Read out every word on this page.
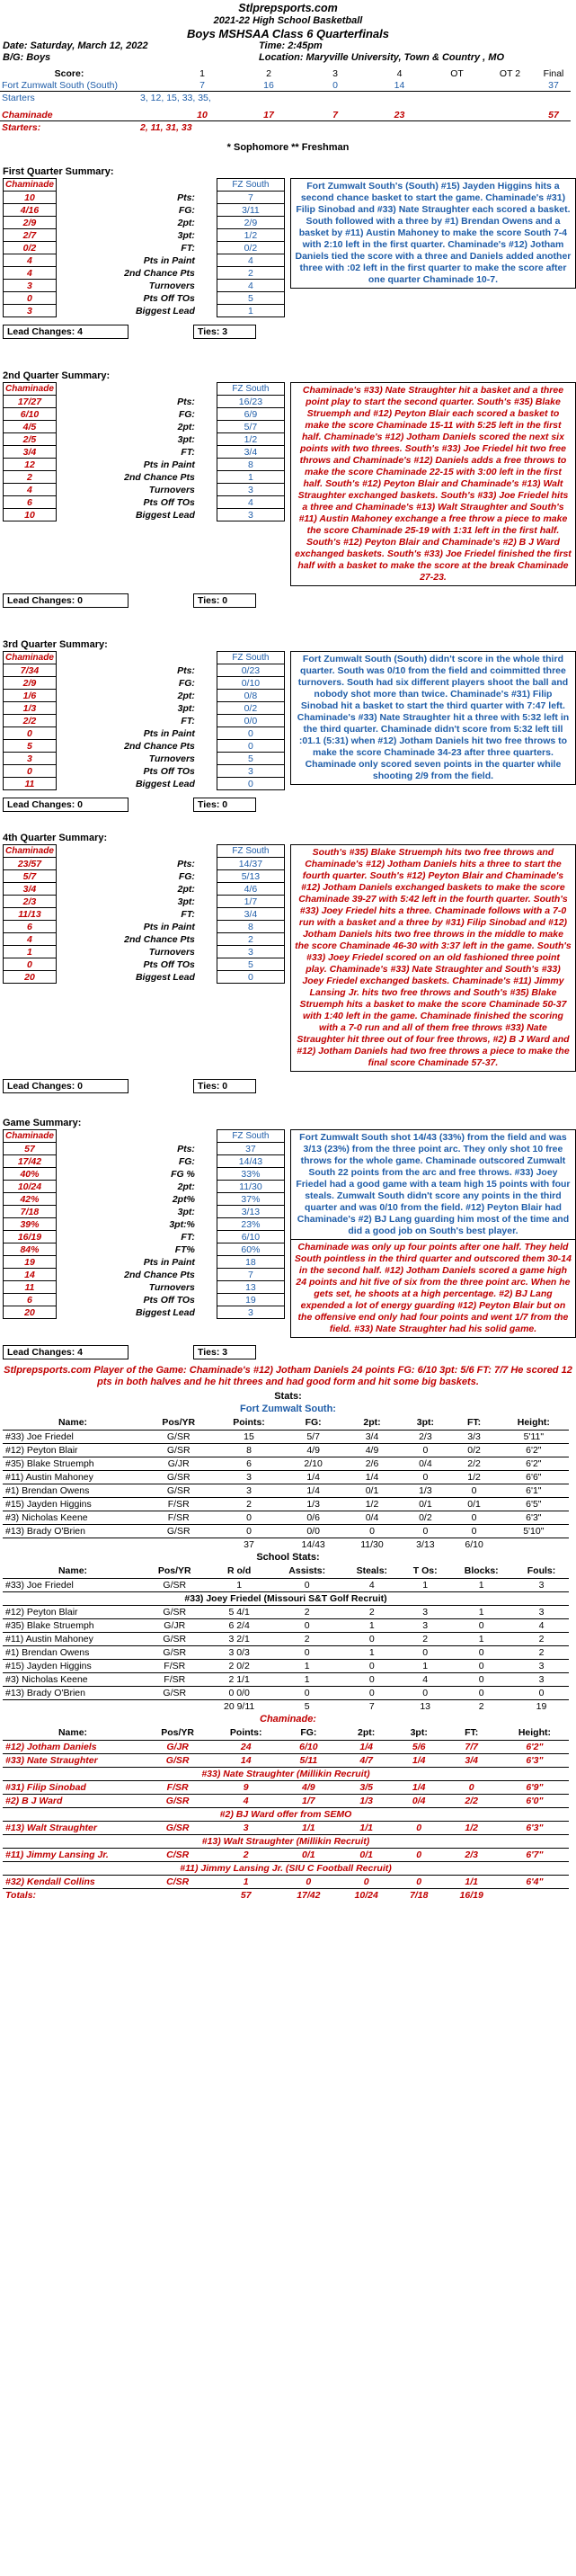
Stlprepsports.com
2021-22 High School Basketball
Boys MSHSAA Class 6 Quarterfinals
Date: Saturday, March 12, 2022	Time: 2:45pm
B/G: Boys	Location: Maryville University, Town & Country , MO
Score:		1	2	3	4	OT	OT 2	Final
Fort Zumwalt South (South)		7	16	0	14			37
Starters	3, 12, 15, 33, 35,							

Chaminade		10	17	7	23			57
Starters:	2, 11, 31, 33							
* Sophomore ** Freshman
First Quarter Summary:
Chaminade		FZ South
10	Pts:	7
4/16	FG:	3/11
2/9	2pt:	2/9
2/7	3pt:	1/2
0/2	FT:	0/2
4	Pts in Paint	4
4	2nd Chance Pts	2
3	Turnovers	4
0	Pts Off TOs	5
3	Biggest Lead	1
Fort Zumwalt South's (South) #15) Jayden Higgins hits a second chance basket to start the game. Chaminade's #31) Filip Sinobad and #33) Nate Straughter each scored a basket. South followed with a three by #1) Brendan Owens and a basket by #11) Austin Mahoney to make the score South 7-4 with 2:10 left in the first quarter. Chaminade's #12) Jotham Daniels tied the score with a three and Daniels added another three with :02 left in the first quarter to make the score after one quarter Chaminade 10-7.
Lead Changes: 4	Ties: 3
2nd Quarter Summary:
Chaminade		FZ South
17/27	Pts:	16/23
6/10	FG:	6/9
4/5	2pt:	5/7
2/5	3pt:	1/2
3/4	FT:	3/4
12	Pts in Paint	8
2	2nd Chance Pts	1
4	Turnovers	3
6	Pts Off TOs	4
10	Biggest Lead	3
Chaminade's #33) Nate Straughter hit a basket and a three point play to start the second quarter. South's #35) Blake Struemph and #12) Peyton Blair each scored a basket to make the score Chaminade 15-11 with 5:25 left in the first half. Chaminade's #12) Jotham Daniels scored the next six points with two threes. South's #33) Joe Friedel hit two free throws and Chaminade's #12) Daniels adds a free throws to make the score Chaminade 22-15 with 3:00 left in the first half. South's #12) Peyton Blair and Chaminade's #13) Walt Straughter exchanged baskets. South's #33) Joe Friedel hits a three and Chaminade's #13) Walt Straughter and South's #11) Austin Mahoney exchange a free throw a piece to make the score Chaminade 25-19 with 1:31 left in the first half. South's #12) Peyton Blair and Chaminade's #2) B J Ward exchanged baskets. South's #33) Joe Friedel finished the first half with a basket to make the score at the break Chaminade 27-23.
Lead Changes: 0	Ties: 0
3rd Quarter Summary:
Chaminade		FZ South
7/34	Pts:	0/23
2/9	FG:	0/10
1/6	2pt:	0/8
1/3	3pt:	0/2
2/2	FT:	0/0
0	Pts in Paint	0
5	2nd Chance Pts	0
3	Turnovers	5
0	Pts Off TOs	3
11	Biggest Lead	0
Fort Zumwalt South (South) didn't score in the whole third quarter. South was 0/10 from the field and coimmitted three turnovers. South had six different players shoot the ball and nobody shot more than twice. Chaminade's #31) Filip Sinobad hit a basket to start the third quarter with 7:47 left. Chaminade's #33) Nate Straughter hit a three with 5:32 left in the third quarter. Chaminade didn't score from 5:32 left till :01.1 (5:31) when #12) Jotham Daniels hit two free throws to make the score Chaminade 34-23 after three quarters. Chaminade only scored seven points in the quarter while shooting 2/9 from the field.
Lead Changes: 0	Ties: 0
4th Quarter Summary:
Chaminade		FZ South
23/57	Pts:	14/37
5/7	FG:	5/13
3/4	2pt:	4/6
2/3	3pt:	1/7
11/13	FT:	3/4
6	Pts in Paint	8
4	2nd Chance Pts	2
1	Turnovers	3
0	Pts Off TOs	5
20	Biggest Lead	0
South's #35) Blake Struemph hits two free throws and Chaminade's #12) Jotham Daniels hits a three to start the fourth quarter. South's #12) Peyton Blair and Chaminade's #12) Jotham Daniels exchanged baskets to make the score Chaminade 39-27 with 5:42 left in the fourth quarter. South's #33) Joey Friedel hits a three. Chaminade follows with a 7-0 run with a basket and a three by #31) Filip Sinobad and #12) Jotham Daniels hits two free throws in the middle to make the score Chaminade 46-30 with 3:37 left in the game. South's #33) Joey Friedel scored on an old fashioned three point play. Chaminade's #33) Nate Straughter and South's #33) Joey Friedel exchanged baskets. Chaminade's #11) Jimmy Lansing Jr. hits two free throws and South's #35) Blake Struemph hits a basket to make the score Chaminade 50-37 with 1:40 left in the game. Chaminade finished the scoring with a 7-0 run and all of them free throws #33) Nate Straughter hit three out of four free throws, #2) B J Ward and #12) Jotham Daniels had two free throws a piece to make the final score Chaminade 57-37.
Lead Changes: 0	Ties: 0
Game Summary:
Chaminade		FZ South
57	Pts:	37
17/42	FG:	14/43
40%	FG %	33%
10/24	2pt:	11/30
42%	2pt%	37%
7/18	3pt:	3/13
39%	3pt:%	23%
16/19	FT:	6/10
84%	FT%	60%
19	Pts in Paint	18
14	2nd Chance Pts	7
11	Turnovers	13
6	Pts Off TOs	19
20	Biggest Lead	3
Fort Zumwalt South shot 14/43 (33%) from the field and was 3/13 (23%) from the three point arc. They only shot 10 free throws for the whole game. Chaminade outscored Zumwalt South 22 points from the arc and free throws. #33) Joey Friedel had a good game with a team high 15 points with four steals. Zumwalt South didn't score any points in the third quarter and was 0/10 from the field. #12) Peyton Blair had Chaminade's #2) BJ Lang guarding him most of the time and did a good job on South's best player.
Chaminade was only up four points after one half. They held South pointless in the third quarter and outscored them 30-14 in the second half. #12) Jotham Daniels scored a game high 24 points and hit five of six from the three point arc. When he gets set, he shoots at a high percentage. #2) BJ Lang expended a lot of energy guarding #12) Peyton Blair but on the offensive end only had four points and went 1/7 from the field. #33) Nate Straughter had his solid game.
Lead Changes: 4	Ties: 3
Stlprepsports.com Player of the Game: Chaminade's #12) Jotham Daniels 24 points FG: 6/10 3pt: 5/6 FT: 7/7 He scored 12 pts in both halves and he hit threes and had good form and hit some big baskets.
Stats:
Fort Zumwalt South:
Name:	Pos/YR	Points:	FG:	2pt:	3pt:	FT:	Height:
#33) Joe Friedel	G/SR	15	5/7	3/4	2/3	3/3	5'11"
#12) Peyton Blair	G/SR	8	4/9	4/9	0	0/2	6'2"
#35) Blake Struemph	G/JR	6	2/10	2/6	0/4	2/2	6'2"
#11) Austin Mahoney	G/SR	3	1/4	1/4	0	1/2	6'6"
#1) Brendan Owens	G/SR	3	1/4	0/1	1/3	0	6'1"
#15) Jayden Higgins	F/SR	2	1/3	1/2	0/1	0/1	6'5"
#3) Nicholas Keene	F/SR	0	0/6	0/4	0/2	0	6'3"
#13) Brady O'Brien	G/SR	0	0/0	0	0	0	5'10"
		37	14/43	11/30	3/13	6/10	
School Stats:
Name:	Pos/YR	R o/d	Assists:	Steals:	T Os:	Blocks:	Fouls:
#33) Joe Friedel	G/SR	1	0	4	1	1	3
#33) Joey Friedel (Missouri S&T Golf Recruit)							
#12) Peyton Blair	G/SR	5 4/1	2	2	3	1	3
#35) Blake Struemph	G/JR	6 2/4	0	1	3	0	4
#11) Austin Mahoney	G/SR	3 2/1	2	0	2	1	2
#1) Brendan Owens	G/SR	3 0/3	0	1	0	0	2
#15) Jayden Higgins	F/SR	2 0/2	1	0	1	0	3
#3) Nicholas Keene	F/SR	2 1/1	1	0	4	0	3
#13) Brady O'Brien	G/SR	0 0/0	0	0	0	0	0
		20 9/11	5	7	13	2	19
Chaminade:
Name:	Pos/YR	Points:	FG:	2pt:	3pt:	FT:	Height:
#12) Jotham Daniels	G/JR	24	6/10	1/4	5/6	7/7	6'2"
#33) Nate Straughter	G/SR	14	5/11	4/7	1/4	3/4	6'3"
#33) Nate Straughter (Millikin Recruit)							
#31) Filip Sinobad	F/SR	9	4/9	3/5	1/4	0	6'9"
#2) B J Ward	G/SR	4	1/7	1/3	0/4	2/2	6'0"
#2) BJ Ward offer from SEMO							
#13) Walt Straughter	G/SR	3	1/1	1/1	0	1/2	6'3"
#13) Walt Straughter (Millikin Recruit)							
#11) Jimmy Lansing Jr.	C/SR	2	0/1	0/1	0	2/3	6'7"
#11) Jimmy Lansing Jr. (SIU C Football Recruit)							
#32) Kendall Collins	C/SR	1	0	0	0	1/1	6'4"
Totals:		57	17/42	10/24	7/18	16/19	
